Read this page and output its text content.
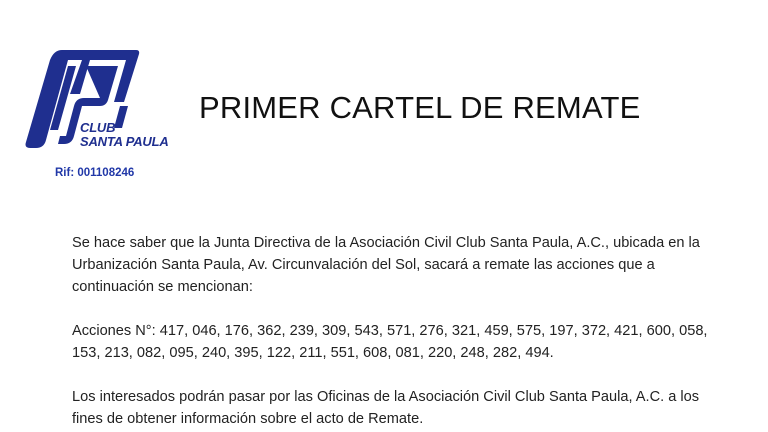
CLUB
SANTA PAULA
Rif: 001108246
PRIMER CARTEL DE REMATE

Se hace saber que la Junta Directiva de la Asociación Civil Club Santa Paula, A.C., ubicada en la Urbanización Santa Paula, Av. Circunvalación del Sol, sacará a remate las acciones que a continuación se mencionan:

Acciones N°: 417, 046, 176, 362, 239, 309, 543, 571, 276, 321, 459, 575, 197, 372, 421, 600, 058, 153, 213, 082, 095, 240, 395, 122, 211, 551, 608, 081, 220, 248, 282, 494.

Los interesados podrán pasar por las Oficinas de la Asociación Civil Club Santa Paula, A.C. a los fines de obtener información sobre el acto de Remate.
